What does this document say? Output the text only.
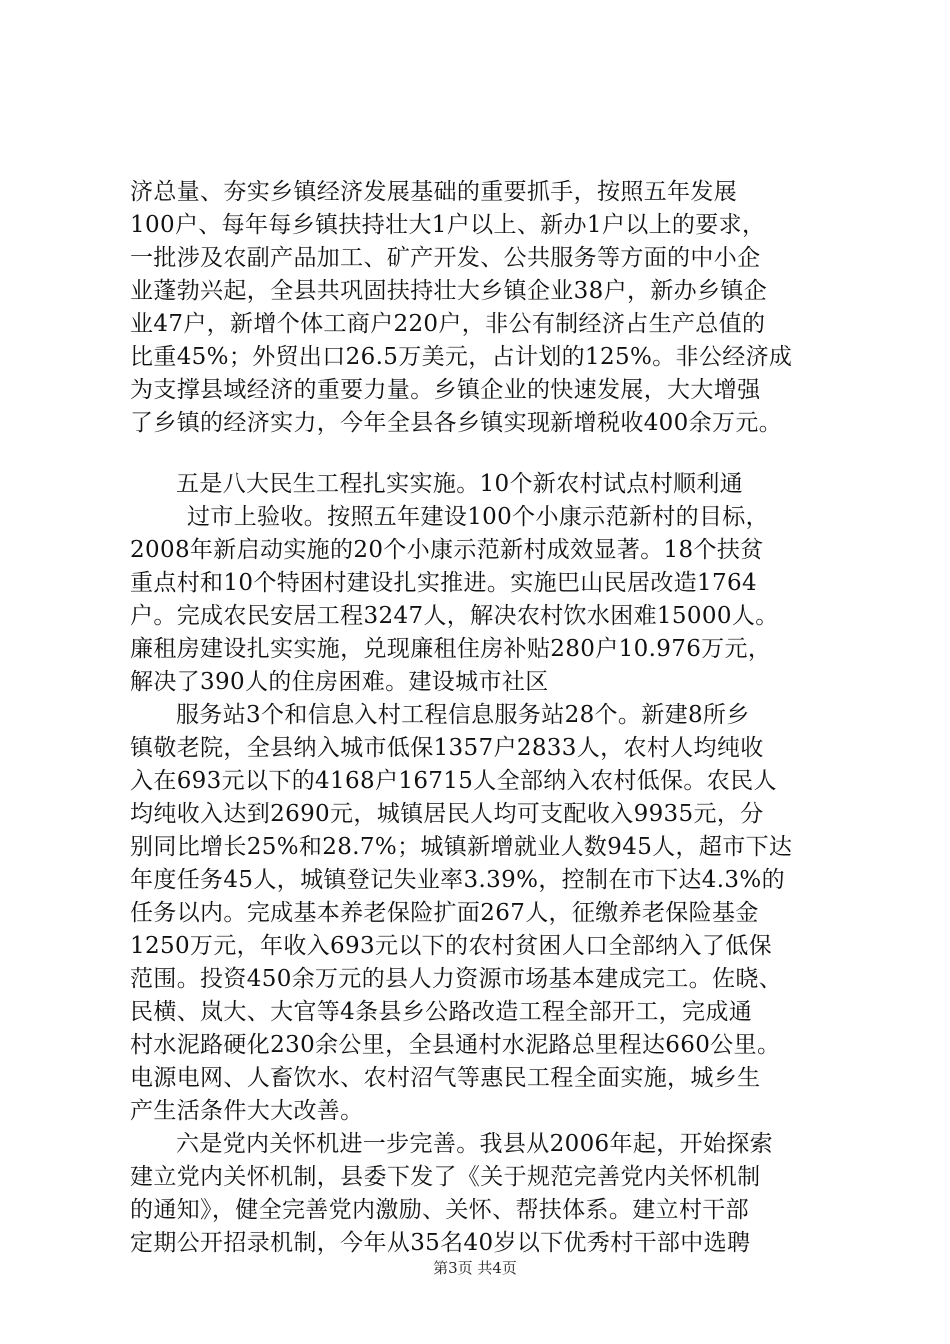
济总量、夯实乡镇经济发展基础的重要抓手，按照五年发展
100户、每年每乡镇扶持壮大1户以上、新办1户以上的要求，
一批涉及农副产品加工、矿产开发、公共服务等方面的中小企
业蓬勃兴起，全县共巩固扶持壮大乡镇企业38户，新办乡镇企
业47户，新增个体工商户220户，非公有制经济占生产总值的
比重45%；外贸出口26.5万美元，占计划的125%。非公经济成
为支撑县域经济的重要力量。乡镇企业的快速发展，大大增强
了乡镇的经济实力，今年全县各乡镇实现新增税收400余万元。
五是八大民生工程扎实实施。10个新农村试点村顺利通
过市上验收。按照五年建设100个小康示范新村的目标，
2008年新启动实施的20个小康示范新村成效显著。18个扶贫
重点村和10个特困村建设扎实推进。实施巴山民居改造1764
户。完成农民安居工程3247人，解决农村饮水困难15000人。
廉租房建设扎实实施，兑现廉租住房补贴280户10.976万元，
解决了390人的住房困难。建设城市社区
服务站3个和信息入村工程信息服务站28个。新建8所乡
镇敬老院，全县纳入城市低保1357户2833人，农村人均纯收
入在693元以下的4168户16715人全部纳入农村低保。农民人
均纯收入达到2690元，城镇居民人均可支配收入9935元，分
别同比增长25%和28.7%；城镇新增就业人数945人，超市下达
年度任务45人，城镇登记失业率3.39%，控制在市下达4.3%的
任务以内。完成基本养老保险扩面267人，征缴养老保险基金
1250万元，年收入693元以下的农村贫困人口全部纳入了低保
范围。投资450余万元的县人力资源市场基本建成完工。佐晓、
民横、岚大、大官等4条县乡公路改造工程全部开工，完成通
村水泥路硬化230余公里，全县通村水泥路总里程达660公里。
电源电网、人畜饮水、农村沼气等惠民工程全面实施，城乡生
产生活条件大大改善。
六是党内关怀机进一步完善。我县从2006年起，开始探索
建立党内关怀机制，县委下发了《关于规范完善党内关怀机制
的通知》，健全完善党内激励、关怀、帮扶体系。建立村干部
定期公开招录机制，今年从35名40岁以下优秀村干部中选聘
第3页 共4页
